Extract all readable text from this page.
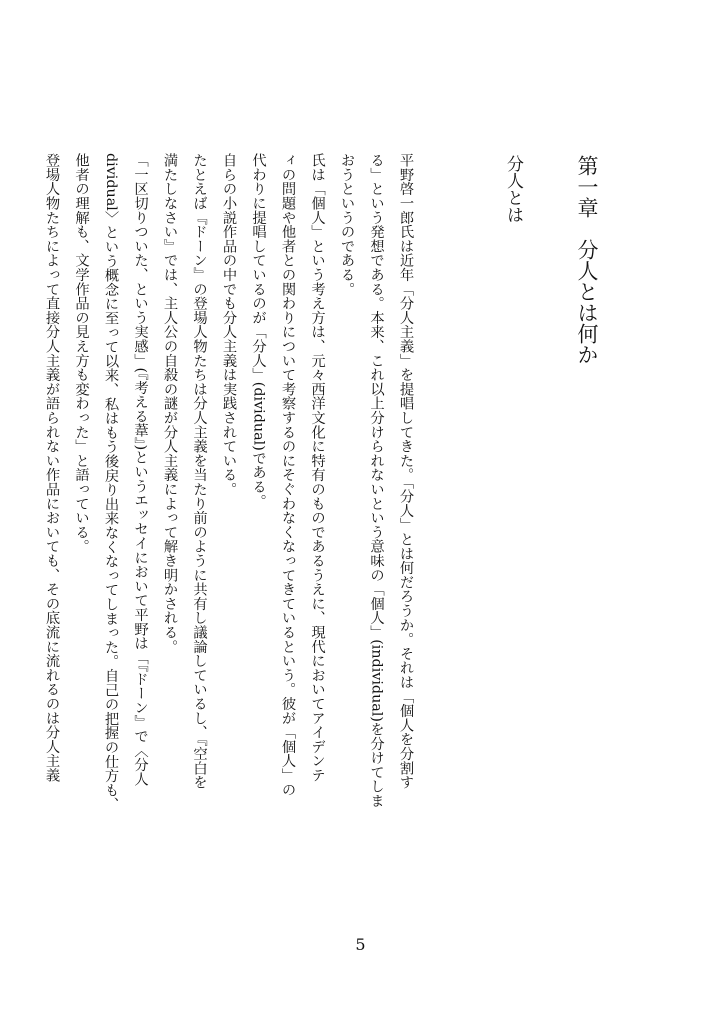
第一章　分人とは何か
分人とは
平野啓一郎氏は近年「分人主義」を提唱してきた。「分人」とは何だろうか。それは「個人を分割す
る」という発想である。本来、これ以上分けられないという意味の「個人」(individual)を分けてしま
おうというのである。
氏は「個人」という考え方は、元々西洋文化に特有のものであるうえに、現代においてアイデンテ
ィの問題や他者との関わりについて考察するのにそぐわなくなってきているという。彼が「個人」の
代わりに提唱しているのが「分人」(dividual)である。
自らの小説作品の中でも分人主義は実践されている。
たとえば『ドーン』の登場人物たちは分人主義を当たり前のように共有し議論しているし、『空白を
満たしなさい』では、主人公の自殺の謎が分人主義によって解き明かされる。
「一区切りついた、という実感」(『考える葦』)というエッセイにおいて平野は「『ドーン』で〈分人
dividual〉という概念に至って以来、私はもう後戻り出来なくなってしまった。自己の把握の仕方も、
他者の理解も、文学作品の見え方も変わった」と語っている。
登場人物たちによって直接分人主義が語られない作品においても、その底流に流れるのは分人主義
5
